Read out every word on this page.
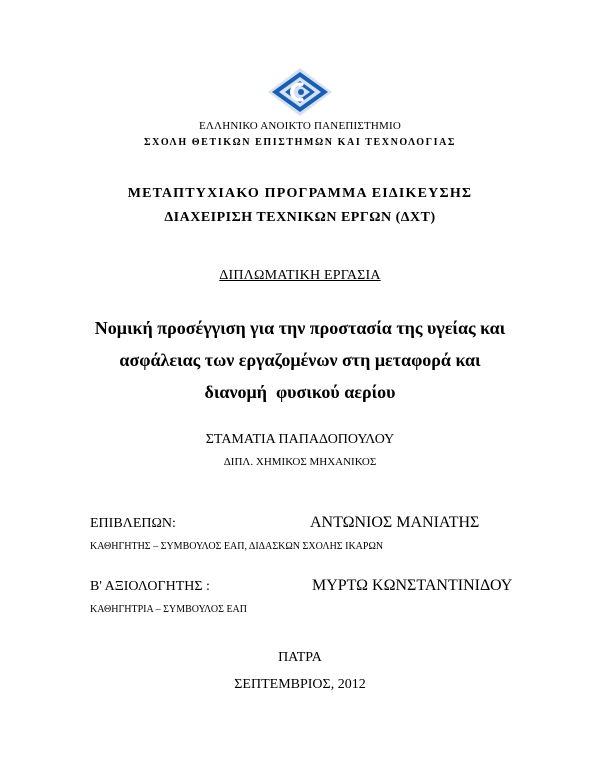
ΕΛΛΗΝΙΚΟ ΑΝΟΙΚΤΟ ΠΑΝΕΠΙΣΤΗΜΙΟ
ΣΧΟΛΗ ΘΕΤΙΚΩΝ ΕΠΙΣΤΗΜΩΝ ΚΑΙ ΤΕΧΝΟΛΟΓΙΑΣ
ΜΕΤΑΠΤΥΧΙΑΚΟ ΠΡΟΓΡΑΜΜΑ ΕΙΔΙΚΕΥΣΗΣ
ΔΙΑΧΕΙΡΙΣΗ ΤΕΧΝΙΚΩΝ ΕΡΓΩΝ (ΔΧΤ)
ΔΙΠΛΩΜΑΤΙΚΗ ΕΡΓΑΣΙΑ
Νομική προσέγγιση για την προστασία της υγείας και
ασφάλειας των εργαζομένων στη μεταφορά και
διανομή  φυσικού αερίου
ΣΤΑΜΑΤΙΑ ΠΑΠΑΔΟΠΟΥΛΟΥ
ΔΙΠΛ. ΧΗΜΙΚΟΣ ΜΗΧΑΝΙΚΟΣ
ΕΠΙΒΛΕΠΩΝ:	ΑΝΤΩΝΙΟΣ ΜΑΝΙΑΤΗΣ
ΚΑΘΗΓΗΤΗΣ – ΣΥΜΒΟΥΛΟΣ ΕΑΠ, ΔΙΔΑΣΚΩΝ ΣΧΟΛΗΣ ΙΚΑΡΩΝ
Β' ΑΞΙΟΛΟΓΗΤΗΣ :	ΜΥΡΤΩ ΚΩΝΣΤΑΝΤΙΝΙΔΟΥ
ΚΑΘΗΓΗΤΡΙΑ – ΣΥΜΒΟΥΛΟΣ ΕΑΠ
ΠΑΤΡΑ
ΣΕΠΤΕΜΒΡΙΟΣ, 2012
